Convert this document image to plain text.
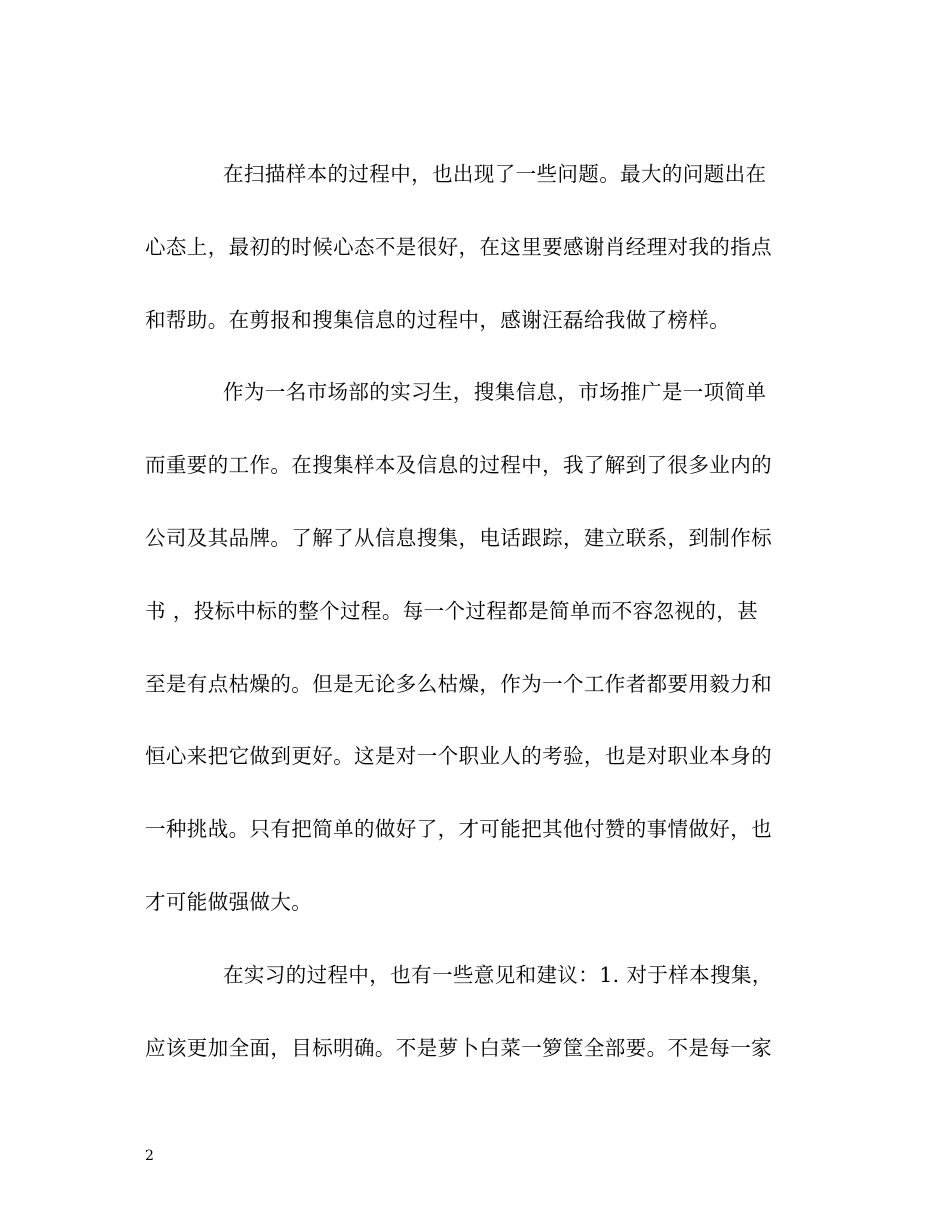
在扫描样本的过程中，也出现了一些问题。最大的问题出在
心态上，最初的时候心态不是很好，在这里要感谢肖经理对我的指点
和帮助。在剪报和搜集信息的过程中，感谢汪磊给我做了榜样。

作为一名市场部的实习生，搜集信息，市场推广是一项简单
而重要的工作。在搜集样本及信息的过程中，我了解到了很多业内的
公司及其品牌。了解了从信息搜集，电话跟踪，建立联系，到制作标
书 ，投标中标的整个过程。每一个过程都是简单而不容忽视的，甚
至是有点枯燥的。但是无论多么枯燥，作为一个工作者都要用毅力和
恒心来把它做到更好。这是对一个职业人的考验，也是对职业本身的
一种挑战。只有把简单的做好了，才可能把其他付赞的事情做好，也
才可能做强做大。

在实习的过程中，也有一些意见和建议：1. 对于样本搜集，
应该更加全面，目标明确。不是萝卜白菜一箩筐全部要。不是每一家

2
